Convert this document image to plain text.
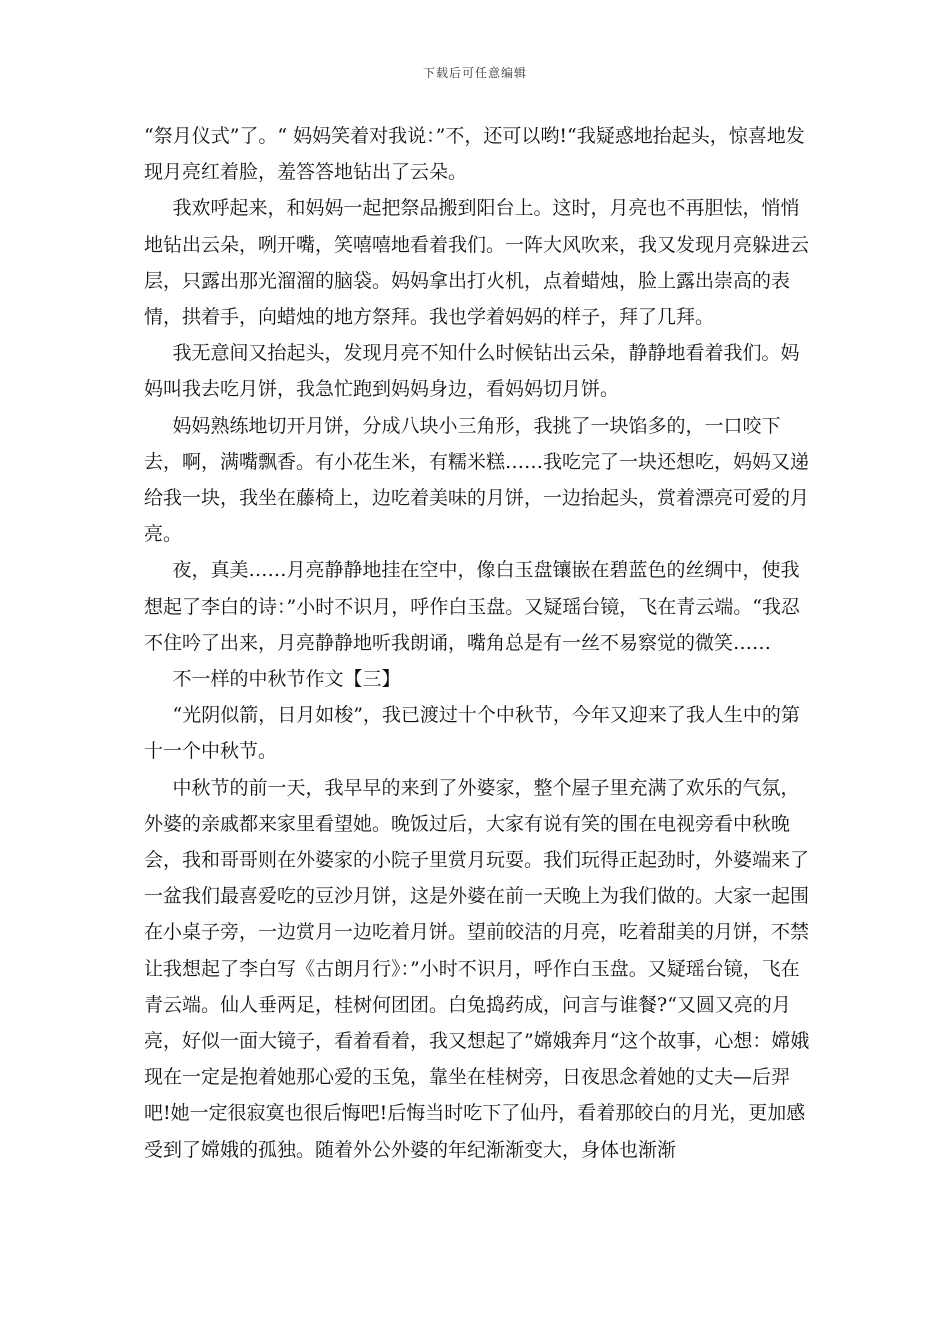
下载后可任意编辑

“祭月仪式”了。“ 妈妈笑着对我说：”不，还可以哟!“我疑惑地抬起头，惊喜地发现月亮红着脸，羞答答地钻出了云朵。

我欢呼起来，和妈妈一起把祭品搬到阳台上。这时，月亮也不再胆怯，悄悄地钻出云朵，咧开嘴，笑嘻嘻地看着我们。一阵大风吹来，我又发现月亮躲进云层，只露出那光溜溜的脑袋。妈妈拿出打火机，点着蜡烛，脸上露出崇高的表情，拱着手，向蜡烛的地方祭拜。我也学着妈妈的样子，拜了几拜。

我无意间又抬起头，发现月亮不知什么时候钻出云朵，静静地看着我们。妈妈叫我去吃月饼，我急忙跑到妈妈身边，看妈妈切月饼。

妈妈熟练地切开月饼，分成八块小三角形，我挑了一块馅多的，一口咬下去，啊，满嘴飘香。有小花生米，有糯米糕……我吃完了一块还想吃，妈妈又递给我一块，我坐在藤椅上，边吃着美味的月饼，一边抬起头，赏着漂亮可爱的月亮。

夜，真美……月亮静静地挂在空中，像白玉盘镶嵌在碧蓝色的丝绸中，使我想起了李白的诗：”小时不识月，呼作白玉盘。又疑瑶台镜，飞在青云端。“我忍不住吟了出来，月亮静静地听我朗诵，嘴角总是有一丝不易察觉的微笑……

不一样的中秋节作文【三】

“光阴似箭，日月如梭”，我已渡过十个中秋节，今年又迎来了我人生中的第十一个中秋节。

中秋节的前一天，我早早的来到了外婆家，整个屋子里充满了欢乐的气氛，外婆的亲戚都来家里看望她。晚饭过后，大家有说有笑的围在电视旁看中秋晚会，我和哥哥则在外婆家的小院子里赏月玩耍。我们玩得正起劲时，外婆端来了一盆我们最喜爱吃的豆沙月饼，这是外婆在前一天晚上为我们做的。大家一起围在小桌子旁，一边赏月一边吃着月饼。望前皎洁的月亮，吃着甜美的月饼，不禁让我想起了李白写《古朗月行》：”小时不识月，呼作白玉盘。又疑瑶台镜，飞在青云端。仙人垂两足，桂树何团团。白兔捣药成，问言与谁餐?“又圆又亮的月亮，好似一面大镜子，看着看着，我又想起了”嫦娥奔月“这个故事，心想：嫦娥现在一定是抱着她那心爱的玉兔，靠坐在桂树旁，日夜思念着她的丈夫—后羿吧!她一定很寂寞也很后悔吧!后悔当时吃下了仙丹，看着那皎白的月光，更加感受到了嫦娥的孤独。随着外公外婆的年纪渐渐变大，身体也渐渐
